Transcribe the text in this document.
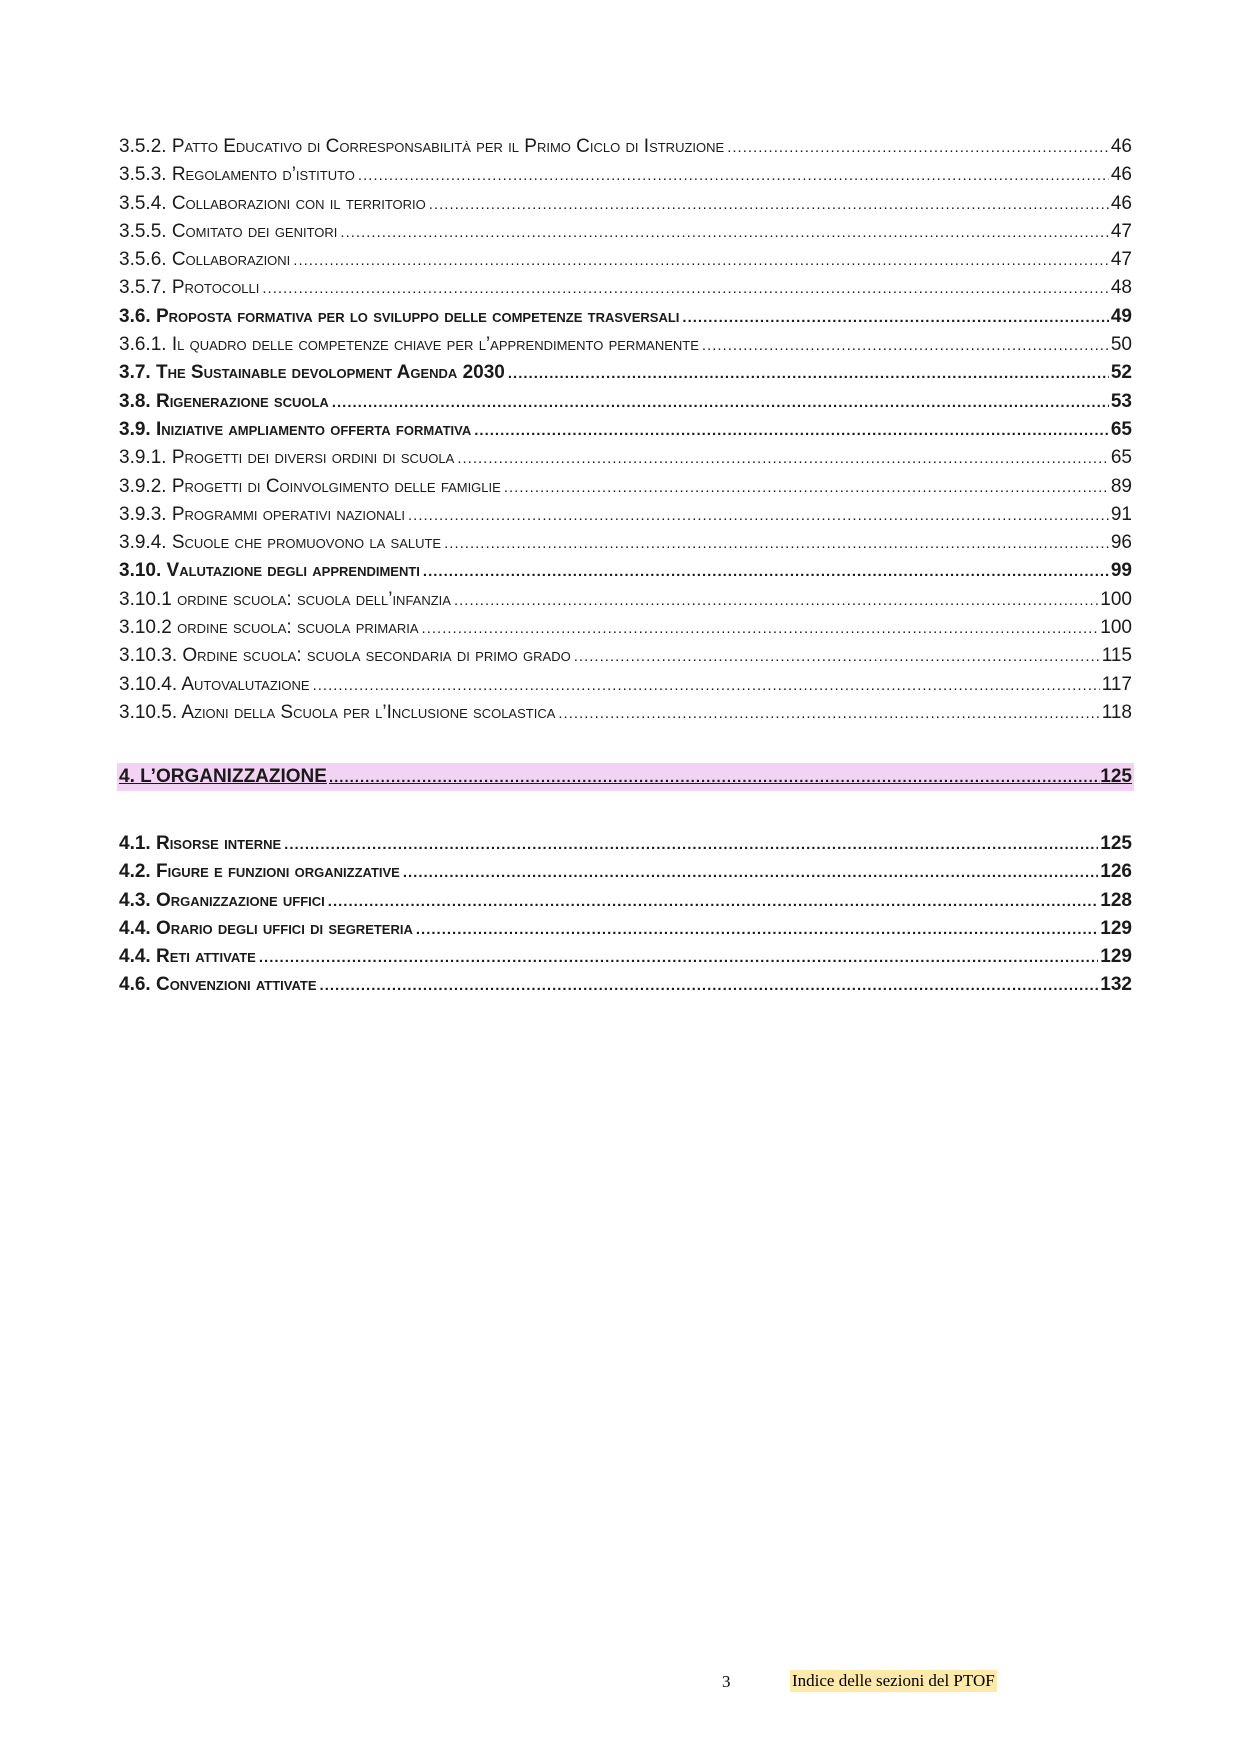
3.5.2. Patto Educativo di Corresponsabilità per il Primo Ciclo di Istruzione .....	46
3.5.3. Regolamento d’istituto .....	46
3.5.4. Collaborazioni con il territorio .....	46
3.5.5. Comitato dei genitori .....	47
3.5.6. Collaborazioni .....	47
3.5.7. Protocolli .....	48
3.6. Proposta formativa per lo sviluppo delle competenze trasversali .....	49
3.6.1. Il quadro delle competenze chiave per l’apprendimento permanente .....	50
3.7. The Sustainable devolopment Agenda 2030 .....	52
3.8. Rigenerazione scuola .....	53
3.9. Iniziative ampliamento offerta formativa .....	65
3.9.1. Progetti dei diversi ordini di scuola .....	65
3.9.2. Progetti di Coinvolgimento delle famiglie .....	89
3.9.3. Programmi operativi nazionali .....	91
3.9.4. Scuole che promuovono la salute .....	96
3.10. Valutazione degli apprendimenti .....	99
3.10.1 ordine scuola: scuola dell’infanzia .....	100
3.10.2 ordine scuola: scuola primaria .....	100
3.10.3. Ordine scuola: scuola secondaria di primo grado .....	115
3.10.4. Autovalutazione .....	117
3.10.5. Azioni della Scuola per l’Inclusione scolastica .....	118
4. L’ORGANIZZAZIONE .....	125
4.1. Risorse interne .....	125
4.2. Figure e funzioni organizzative .....	126
4.3. Organizzazione uffici .....	128
4.4. Orario degli uffici di segreteria .....	129
4.4. Reti attivate .....	129
4.6. Convenzioni attivate .....	132
3	Indice delle sezioni del PTOF
